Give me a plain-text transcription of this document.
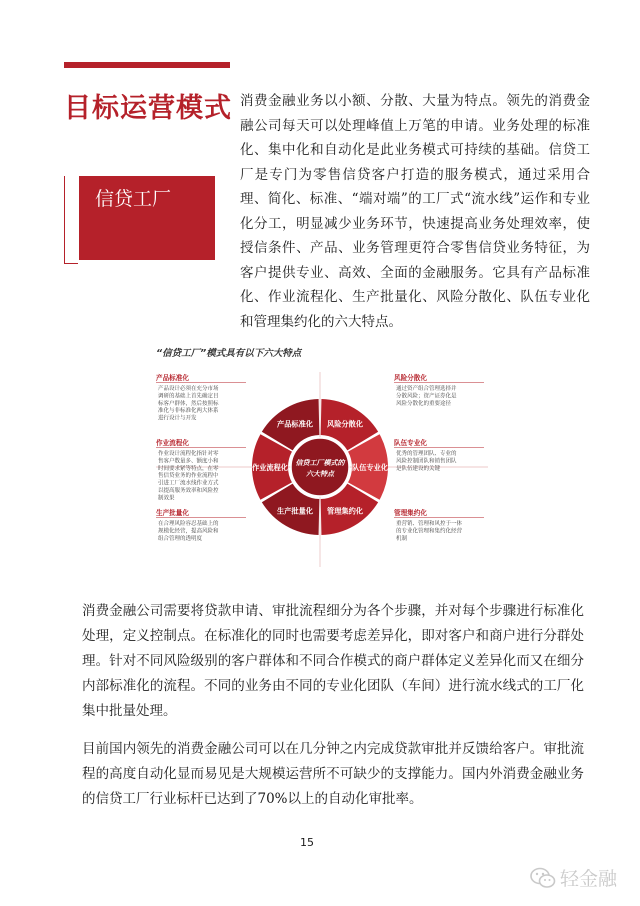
目标运营模式
信贷工厂
消费金融业务以小额、分散、大量为特点。领先的消费金融公司每天可以处理峰值上万笔的申请。业务处理的标准化、集中化和自动化是此业务模式可持续的基础。信贷工厂是专门为零售信贷客户打造的服务模式，通过采用合理、简化、标准、“端对端”的工厂式“流水线”运作和专业化分工，明显减少业务环节，快速提高业务处理效率，使授信条件、产品、业务管理更符合零售信贷业务特征，为客户提供专业、高效、全面的金融服务。它具有产品标准化、作业流程化、生产批量化、风险分散化、队伍专业化和管理集约化的六大特点。
“信贷工厂”模式具有以下六大特点
产品标准化 风险分散化
队伍专业化
管理集约化
生产批量化
作业流程化 信贷工厂模式的
六大特点
产品标准化
产品设计必须在充分市场
调研的基础上首先确定目
标客户群体，然后按照标
准化与非标准化两大体系
进行设计与开发
风险分散化
通过资产组合管理选择并
分散风险；资产证券化是
风险分散化的重要途径
作业流程化
作业设计流程化指针对零
售客户数量多、额度小和
时间要求紧等特点，在零
售信贷业务的作业流程中
引进工厂流水线作业方式
以提高服务效率和风险控
制效果
队伍专业化
优秀的管理团队、专业的
风险控制团队和销售团队
是队伍建设的关键
生产批量化
在合理风险容忍基础上的
规模化经营，提高风险和
组合管理的透明度
管理集约化
重营销、管理和风控于一体
的专业化管理和集约化经营
机制
消费金融公司需要将贷款申请、审批流程细分为各个步骤，并对每个步骤进行标准化处理，定义控制点。在标准化的同时也需要考虑差异化，即对客户和商户进行分群处理。针对不同风险级别的客户群体和不同合作模式的商户群体定义差异化而又在细分内部标准化的流程。不同的业务由不同的专业化团队（车间）进行流水线式的工厂化集中批量处理。
目前国内领先的消费金融公司可以在几分钟之内完成贷款审批并反馈给客户。审批流程的高度自动化显而易见是大规模运营所不可缺少的支撑能力。国内外消费金融业务的信贷工厂行业标杆已达到了70%以上的自动化审批率。
15
轻金融
